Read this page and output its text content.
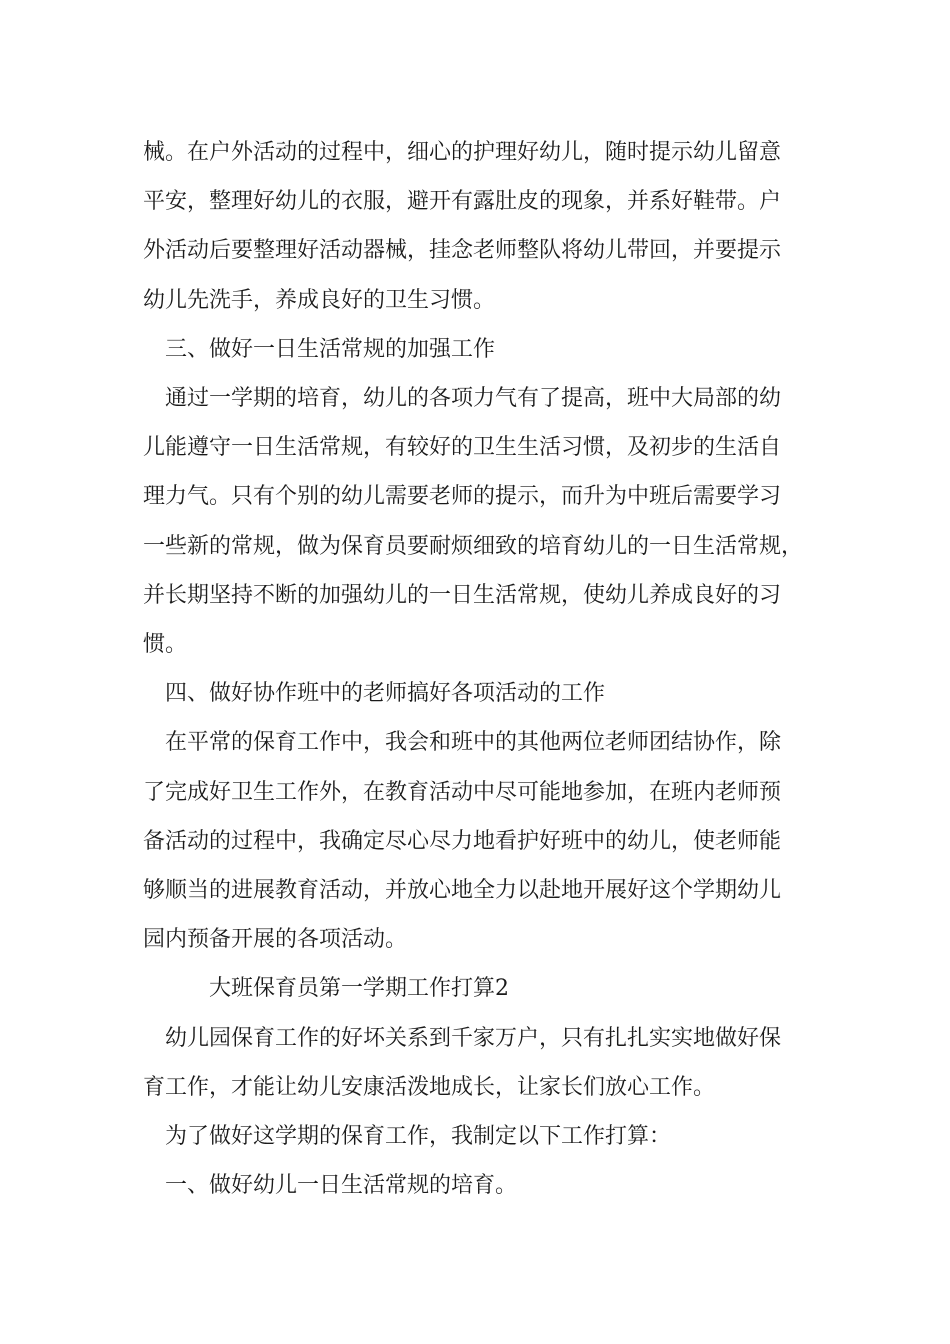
械。在户外活动的过程中，细心的护理好幼儿，随时提示幼儿留意
平安，整理好幼儿的衣服，避开有露肚皮的现象，并系好鞋带。户
外活动后要整理好活动器械，挂念老师整队将幼儿带回，并要提示
幼儿先洗手，养成良好的卫生习惯。
　三、做好一日生活常规的加强工作
　通过一学期的培育，幼儿的各项力气有了提高，班中大局部的幼
儿能遵守一日生活常规，有较好的卫生生活习惯，及初步的生活自
理力气。只有个别的幼儿需要老师的提示，而升为中班后需要学习
一些新的常规，做为保育员要耐烦细致的培育幼儿的一日生活常规，
并长期坚持不断的加强幼儿的一日生活常规，使幼儿养成良好的习
惯。
　四、做好协作班中的老师搞好各项活动的工作
　在平常的保育工作中，我会和班中的其他两位老师团结协作，除
了完成好卫生工作外，在教育活动中尽可能地参加，在班内老师预
备活动的过程中，我确定尽心尽力地看护好班中的幼儿，使老师能
够顺当的进展教育活动，并放心地全力以赴地开展好这个学期幼儿
园内预备开展的各项活动。
　　　大班保育员第一学期工作打算2
　幼儿园保育工作的好坏关系到千家万户，只有扎扎实实地做好保
育工作，才能让幼儿安康活泼地成长，让家长们放心工作。
　为了做好这学期的保育工作，我制定以下工作打算：
　一、做好幼儿一日生活常规的培育。
